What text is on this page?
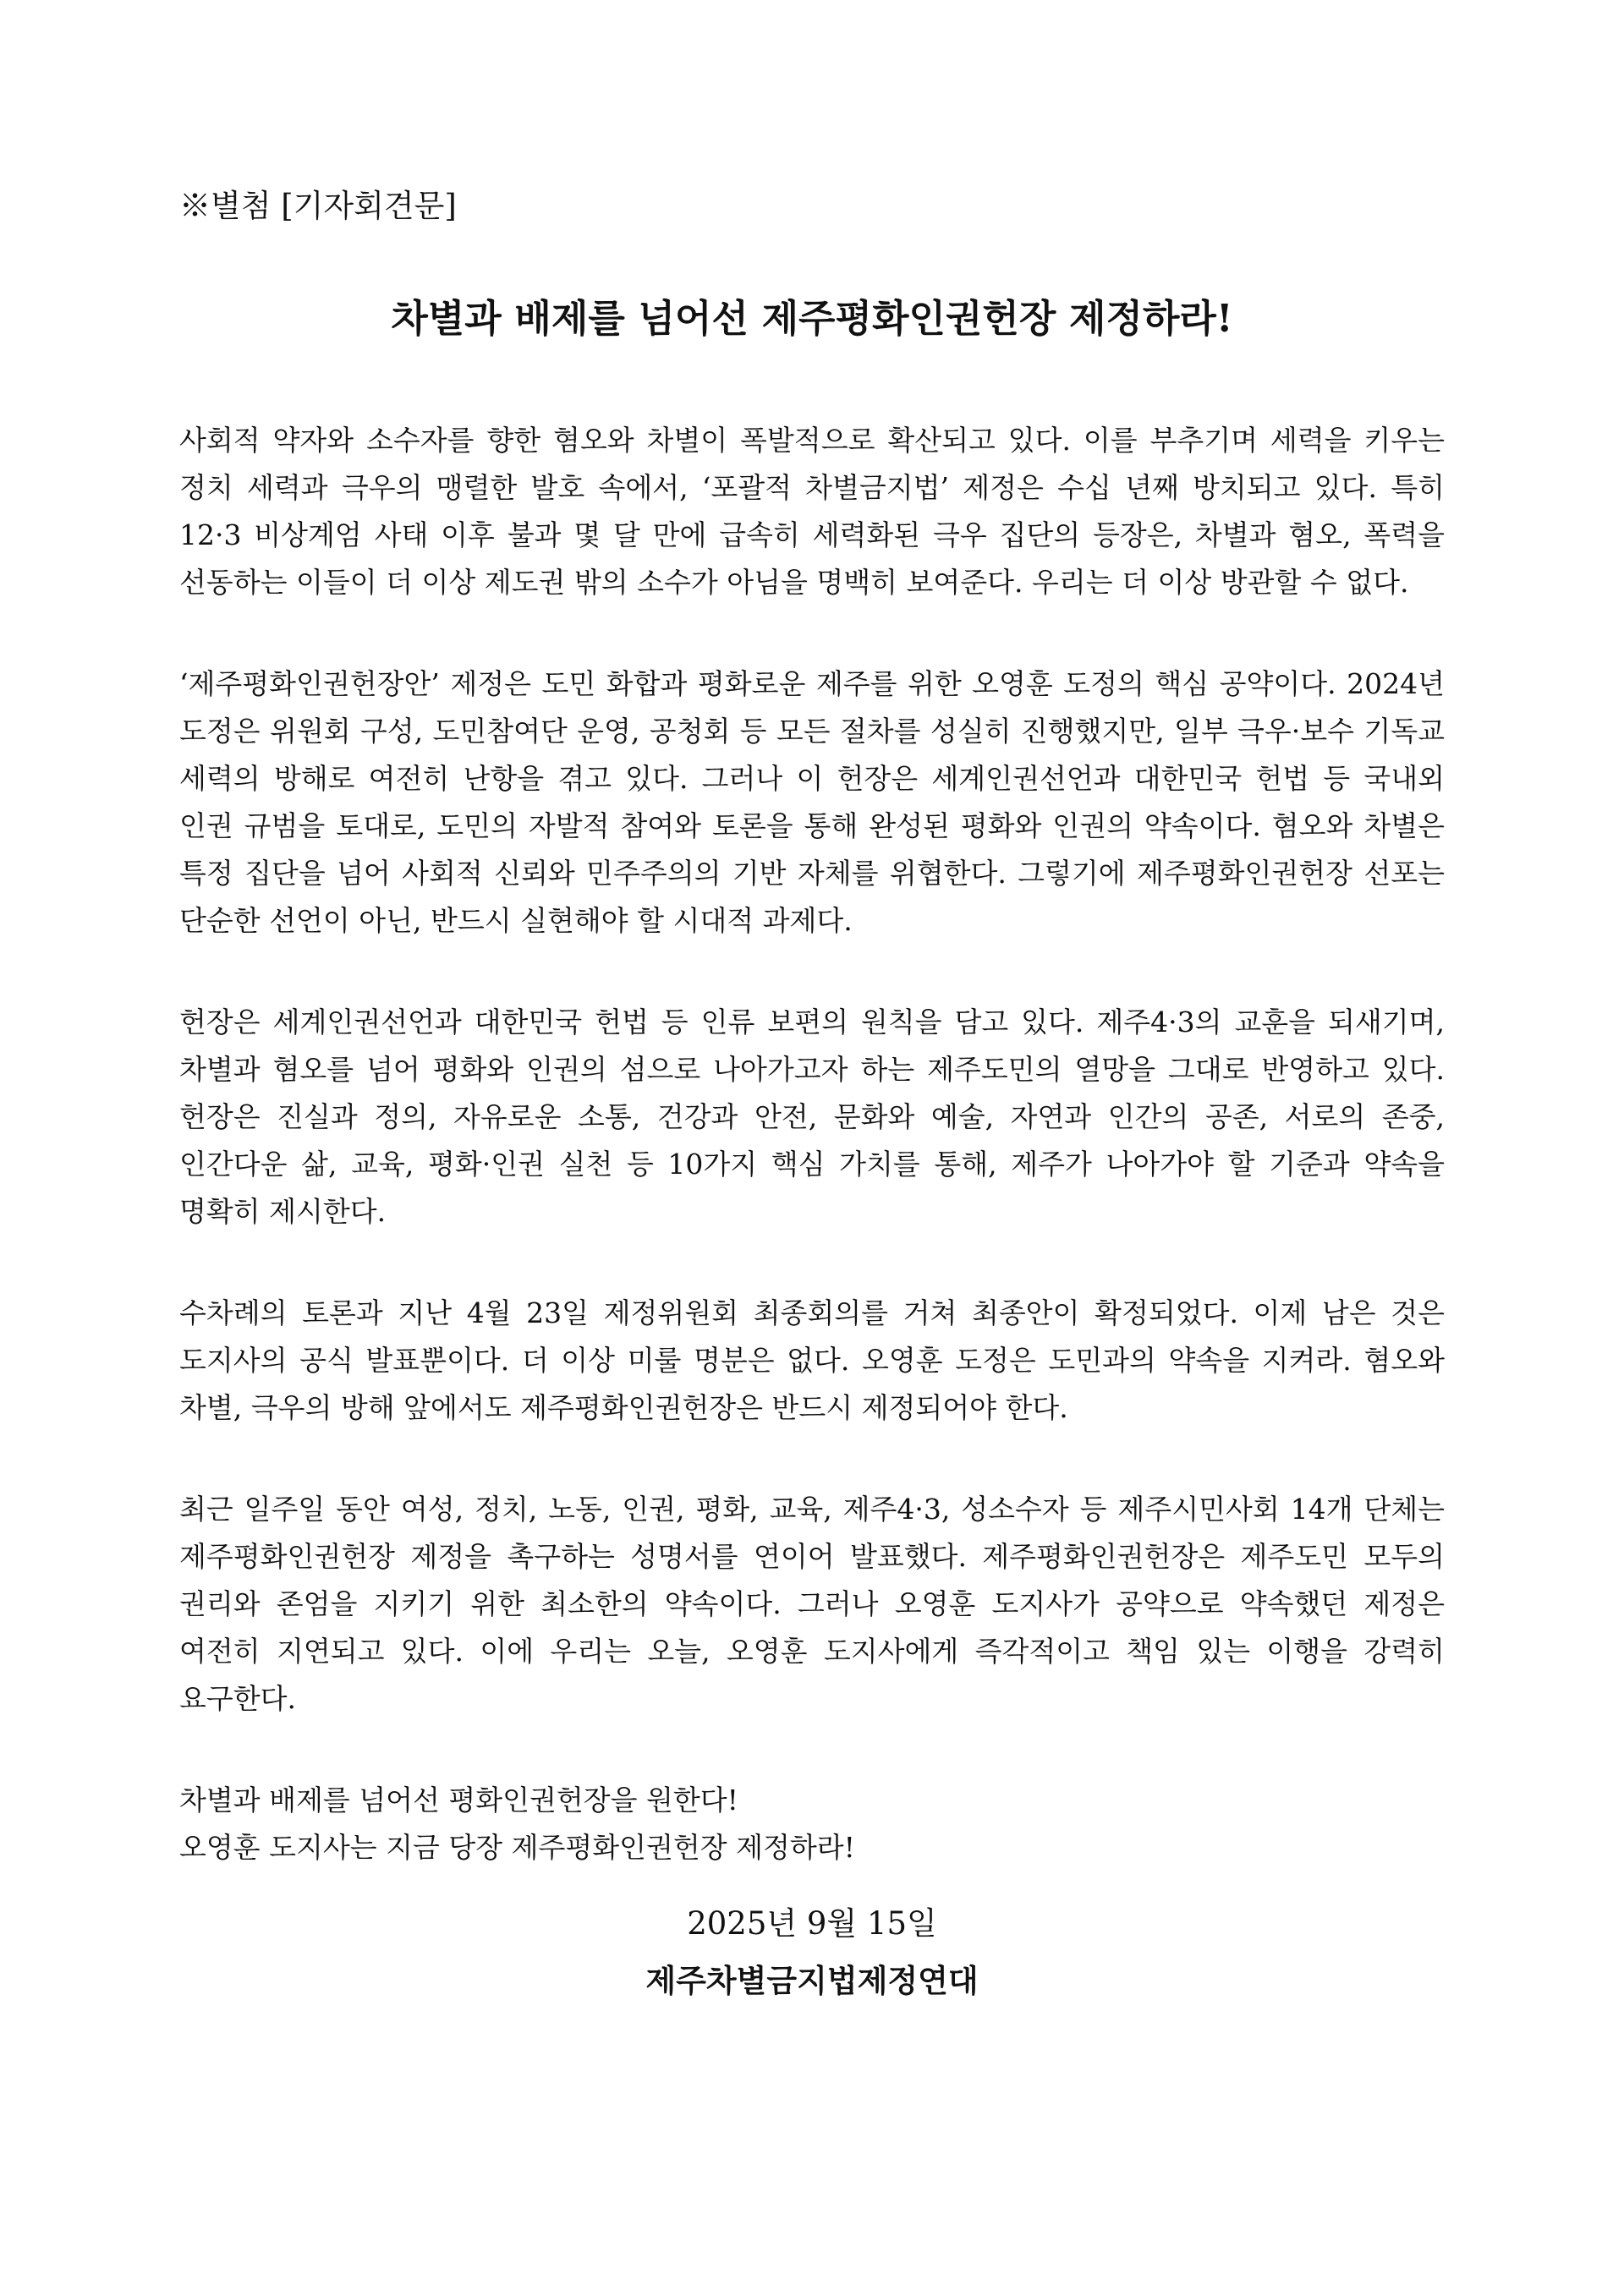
※별첨 [기자회견문]
차별과 배제를 넘어선 제주평화인권헌장 제정하라!

사회적 약자와 소수자를 향한 혐오와 차별이 폭발적으로 확산되고 있다. 이를 부추기며 세력을 키우는 정치 세력과 극우의 맹렬한 발호 속에서, ‘포괄적 차별금지법’ 제정은 수십 년째 방치되고 있다. 특히 12·3 비상계엄 사태 이후 불과 몇 달 만에 급속히 세력화된 극우 집단의 등장은, 차별과 혐오, 폭력을 선동하는 이들이 더 이상 제도권 밖의 소수가 아님을 명백히 보여준다. 우리는 더 이상 방관할 수 없다.

‘제주평화인권헌장안’ 제정은 도민 화합과 평화로운 제주를 위한 오영훈 도정의 핵심 공약이다. 2024년 도정은 위원회 구성, 도민참여단 운영, 공청회 등 모든 절차를 성실히 진행했지만, 일부 극우·보수 기독교 세력의 방해로 여전히 난항을 겪고 있다. 그러나 이 헌장은 세계인권선언과 대한민국 헌법 등 국내외 인권 규범을 토대로, 도민의 자발적 참여와 토론을 통해 완성된 평화와 인권의 약속이다. 혐오와 차별은 특정 집단을 넘어 사회적 신뢰와 민주주의의 기반 자체를 위협한다. 그렇기에 제주평화인권헌장 선포는 단순한 선언이 아닌, 반드시 실현해야 할 시대적 과제다.

헌장은 세계인권선언과 대한민국 헌법 등 인류 보편의 원칙을 담고 있다. 제주4·3의 교훈을 되새기며, 차별과 혐오를 넘어 평화와 인권의 섬으로 나아가고자 하는 제주도민의 열망을 그대로 반영하고 있다. 헌장은 진실과 정의, 자유로운 소통, 건강과 안전, 문화와 예술, 자연과 인간의 공존, 서로의 존중, 인간다운 삶, 교육, 평화·인권 실천 등 10가지 핵심 가치를 통해, 제주가 나아가야 할 기준과 약속을 명확히 제시한다.

수차례의 토론과 지난 4월 23일 제정위원회 최종회의를 거쳐 최종안이 확정되었다. 이제 남은 것은 도지사의 공식 발표뿐이다. 더 이상 미룰 명분은 없다. 오영훈 도정은 도민과의 약속을 지켜라. 혐오와 차별, 극우의 방해 앞에서도 제주평화인권헌장은 반드시 제정되어야 한다.

최근 일주일 동안 여성, 정치, 노동, 인권, 평화, 교육, 제주4·3, 성소수자 등 제주시민사회 14개 단체는 제주평화인권헌장 제정을 촉구하는 성명서를 연이어 발표했다. 제주평화인권헌장은 제주도민 모두의 권리와 존엄을 지키기 위한 최소한의 약속이다. 그러나 오영훈 도지사가 공약으로 약속했던 제정은 여전히 지연되고 있다. 이에 우리는 오늘, 오영훈 도지사에게 즉각적이고 책임 있는 이행을 강력히 요구한다.

차별과 배제를 넘어선 평화인권헌장을 원한다!
오영훈 도지사는 지금 당장 제주평화인권헌장 제정하라!
2025년 9월 15일
제주차별금지법제정연대
